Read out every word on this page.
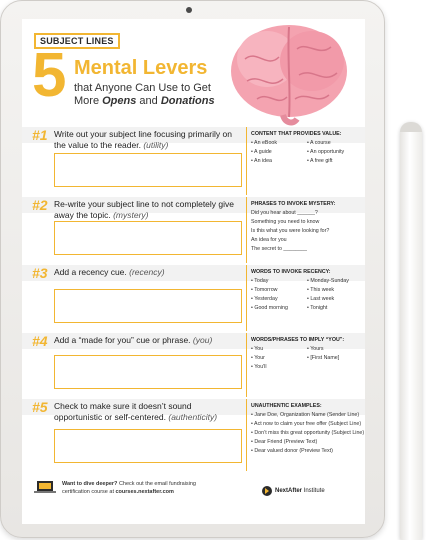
SUBJECT LINES
5 Mental Levers
that Anyone Can Use to Get
More Opens and Donations
#1 Write out your subject line focusing primarily on the value to the reader. (utility)
CONTENT THAT PROVIDES VALUE:
• An eBook	• A course
• A guide	• An opportunity
• An idea	• A free gift
#2 Re-write your subject line to not completely give away the topic. (mystery)
PHRASES TO INVOKE MYSTERY:
Did you hear about ______?
Something you need to know
Is this what you were looking for?
An idea for you
The secret to ________
#3 Add a recency cue. (recency)	WORDS TO INVOKE RECENCY:
• Today	• Monday-Sunday
• Tomorrow	• This week
• Yesterday	• Last week
• Good morning	• Tonight
#4 Add a “made for you” cue or phrase. (you)	WORDS/PHRASES TO IMPLY “YOU”:
• You	• Yours
• Your	• [First Name]
• You'll
#5 Check to make sure it doesn’t sound opportunistic or self-centered. (authenticity)
UNAUTHENTIC EXAMPLES:
• Jane Doe, Organization Name (Sender Line)
• Act now to claim your free offer (Subject Line)
• Don’t miss this great opportunity (Subject Line)
• Dear Friend (Preview Text)
• Dear valued donor (Preview Text)
Want to dive deeper? Check out the email fundraising certification course at courses.nextafter.com	NextAfter Institute
